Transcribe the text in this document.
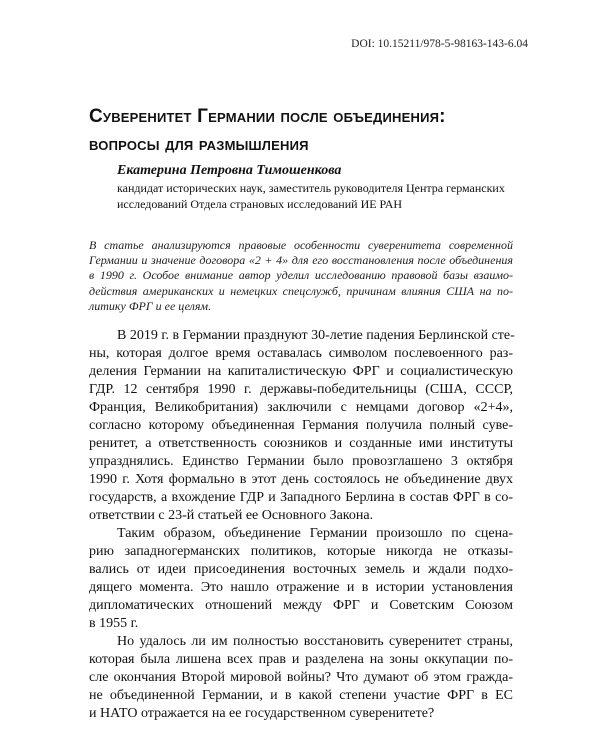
DOI: 10.15211/978-5-98163-143-6.04
Суверенитет Германии после объединения:
вопросы для размышления
Екатерина Петровна Тимошенкова
кандидат исторических наук, заместитель руководителя Центра германских
исследований Отдела страновых исследований ИЕ РАН
В статье анализируются правовые особенности суверенитета современной
Германии и значение договора «2 + 4» для его восстановления после объединения
в 1990 г. Особое внимание автор уделил исследованию правовой базы взаимо-
действия американских и немецких спецслужб, причинам влияния США на по-
литику ФРГ и ее целям.

В 2019 г. в Германии празднуют 30-летие падения Берлинской сте-
ны, которая долгое время оставалась символом послевоенного раз-
деления Германии на капиталистическую ФРГ и социалистическую
ГДР. 12 сентября 1990 г. державы-победительницы (США, СССР,
Франция, Великобритания) заключили с немцами договор «2+4»,
согласно которому объединенная Германия получила полный суве-
ренитет, а ответственность союзников и созданные ими институты
упразднялись. Единство Германии было провозглашено 3 октября
1990 г. Хотя формально в этот день состоялось не объединение двух
государств, а вхождение ГДР и Западного Берлина в состав ФРГ в со-
ответствии с 23-й статьей ее Основного Закона.

Таким образом, объединение Германии произошло по сцена-
рию западногерманских политиков, которые никогда не отказы-
вались от идеи присоединения восточных земель и ждали подхо-
дящего момента. Это нашло отражение и в истории установления
дипломатических отношений между ФРГ и Советским Союзом
в 1955 г.

Но удалось ли им полностью восстановить суверенитет страны,
которая была лишена всех прав и разделена на зоны оккупации по-
сле окончания Второй мировой войны? Что думают об этом гражда-
не объединенной Германии, и в какой степени участие ФРГ в ЕС
и НАТО отражается на ее государственном суверенитете?
